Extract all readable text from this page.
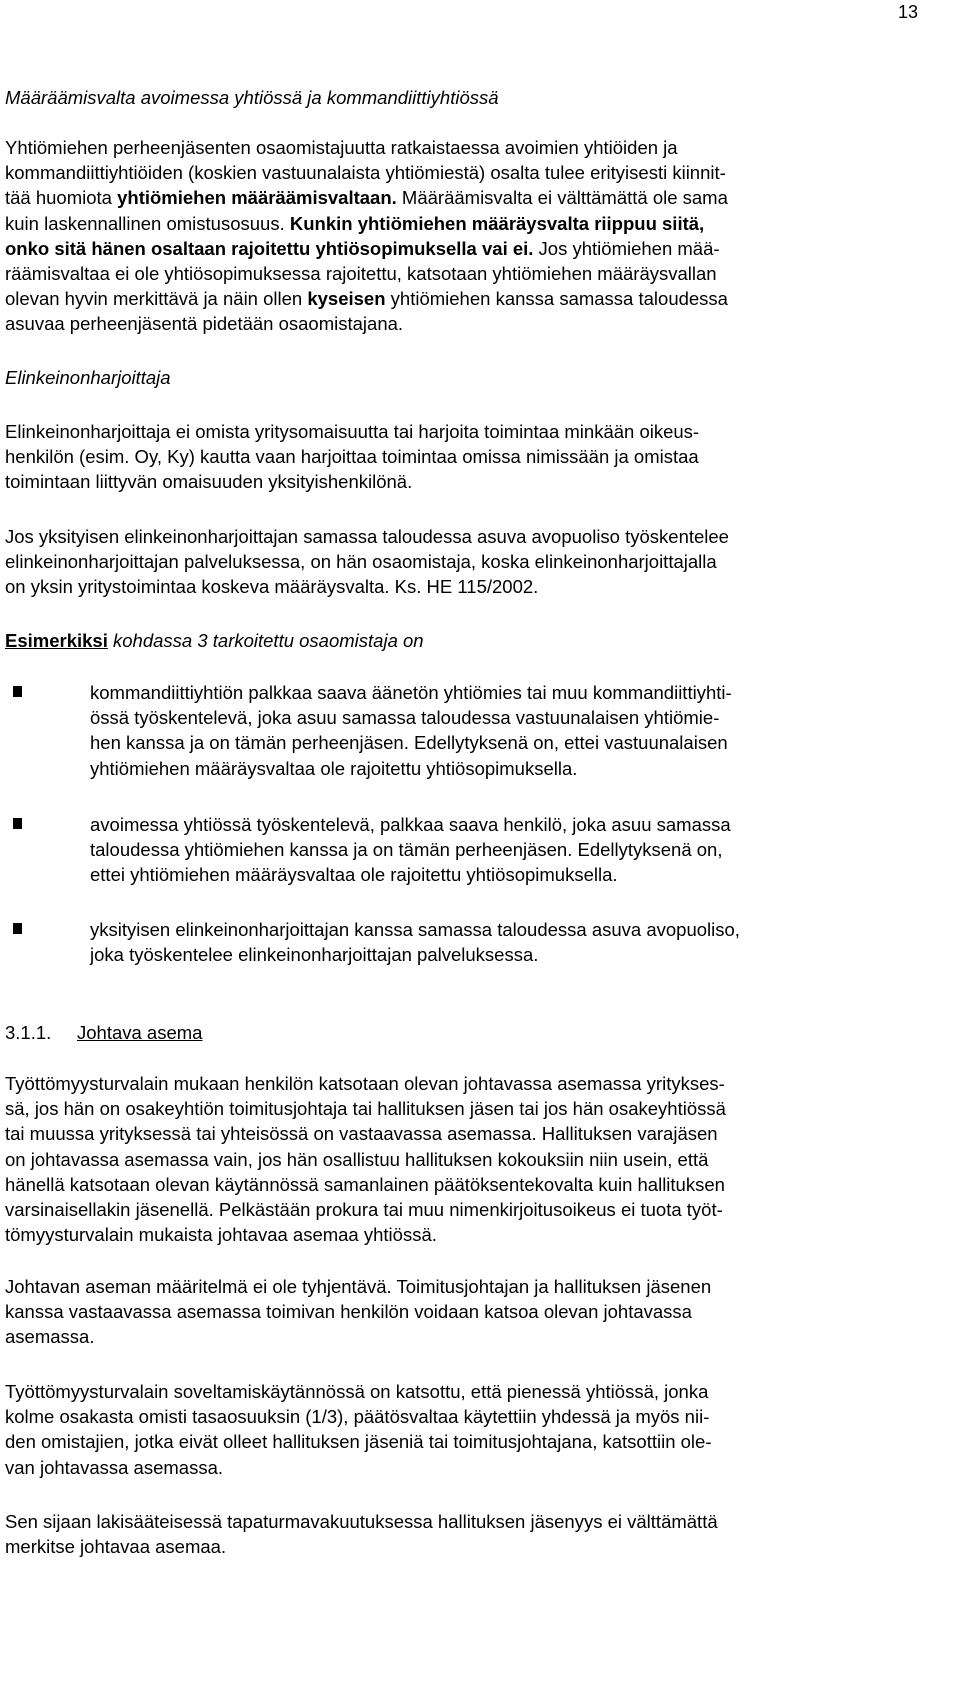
13
Määräämisvalta avoimessa yhtiössä ja kommandiittiyhtiössä
Yhtiömiehen perheenjäsenten osaomistajuutta ratkaistaessa avoimien yhtiöiden ja
kommandiittiyhtiöiden (koskien vastuunalaista yhtiömiestä) osalta tulee erityisesti kiinnit-
tää huomiota yhtiömiehen määräämisvaltaan. Määräämisvalta ei välttämättä ole sama
kuin laskennallinen omistusosuus. Kunkin yhtiömiehen määräysvalta riippuu siitä,
onko sitä hänen osaltaan rajoitettu yhtiösopimuksella vai ei. Jos yhtiömiehen mää-
räämisvaltaa ei ole yhtiösopimuksessa rajoitettu, katsotaan yhtiömiehen määräysvallan
olevan hyvin merkittävä ja näin ollen kyseisen yhtiömiehen kanssa samassa taloudessa
asuvaa perheenjäsentä pidetään osaomistajana.
Elinkeinonharjoittaja
Elinkeinonharjoittaja ei omista yritysomaisuutta tai harjoita toimintaa minkään oikeus-
henkilön (esim. Oy, Ky) kautta vaan harjoittaa toimintaa omissa nimissään ja omistaa
toimintaan liittyvän omaisuuden yksityishenkilönä.
Jos yksityisen elinkeinonharjoittajan samassa taloudessa asuva avopuoliso työskentelee
elinkeinonharjoittajan palveluksessa, on hän osaomistaja, koska elinkeinonharjoittajalla
on yksin yritystoimintaa koskeva määräysvalta. Ks. HE 115/2002.
Esimerkiksi kohdassa 3 tarkoitettu osaomistaja on
kommandiittiyhtiön palkkaa saava äänetön yhtiömies tai muu kommandiittiyhti-
össä työskentelevä, joka asuu samassa taloudessa vastuunalaisen yhtiömie-
hen kanssa ja on tämän perheenjäsen. Edellytyksenä on, ettei vastuunalaisen
yhtiömiehen määräysvaltaa ole rajoitettu yhtiösopimuksella.
avoimessa yhtiössä työskentelevä, palkkaa saava henkilö, joka asuu samassa
taloudessa yhtiömiehen kanssa ja on tämän perheenjäsen. Edellytyksenä on,
ettei yhtiömiehen määräysvaltaa ole rajoitettu yhtiösopimuksella.
yksityisen elinkeinonharjoittajan kanssa samassa taloudessa asuva avopuoliso,
joka työskentelee elinkeinonharjoittajan palveluksessa.
3.1.1. Johtava asema
Työttömyysturvalain mukaan henkilön katsotaan olevan johtavassa asemassa yritykses-
sä, jos hän on osakeyhtiön toimitusjohtaja tai hallituksen jäsen tai jos hän osakeyhtiössä
tai muussa yrityksessä tai yhteisössä on vastaavassa asemassa. Hallituksen varajäsen
on johtavassa asemassa vain, jos hän osallistuu hallituksen kokouksiin niin usein, että
hänellä katsotaan olevan käytännössä samanlainen päätöksentekovalta kuin hallituksen
varsinaisellakin jäsenellä. Pelkästään prokura tai muu nimenkirjoitusoikeus ei tuota työt-
tömyysturvalain mukaista johtavaa asemaa yhtiössä.
Johtavan aseman määritelmä ei ole tyhjentävä. Toimitusjohtajan ja hallituksen jäsenen
kanssa vastaavassa asemassa toimivan henkilön voidaan katsoa olevan johtavassa
asemassa.
Työttömyysturvalain soveltamiskäytännössä on katsottu, että pienessä yhtiössä, jonka
kolme osakasta omisti tasaosuuksin (1/3), päätösvaltaa käytettiin yhdessä ja myös nii-
den omistajien, jotka eivät olleet hallituksen jäseniä tai toimitusjohtajana, katsottiin ole-
van johtavassa asemassa.
Sen sijaan lakisääteisessä tapaturmavakuutuksessa hallituksen jäsenyys ei välttämättä
merkitse johtavaa asemaa.
